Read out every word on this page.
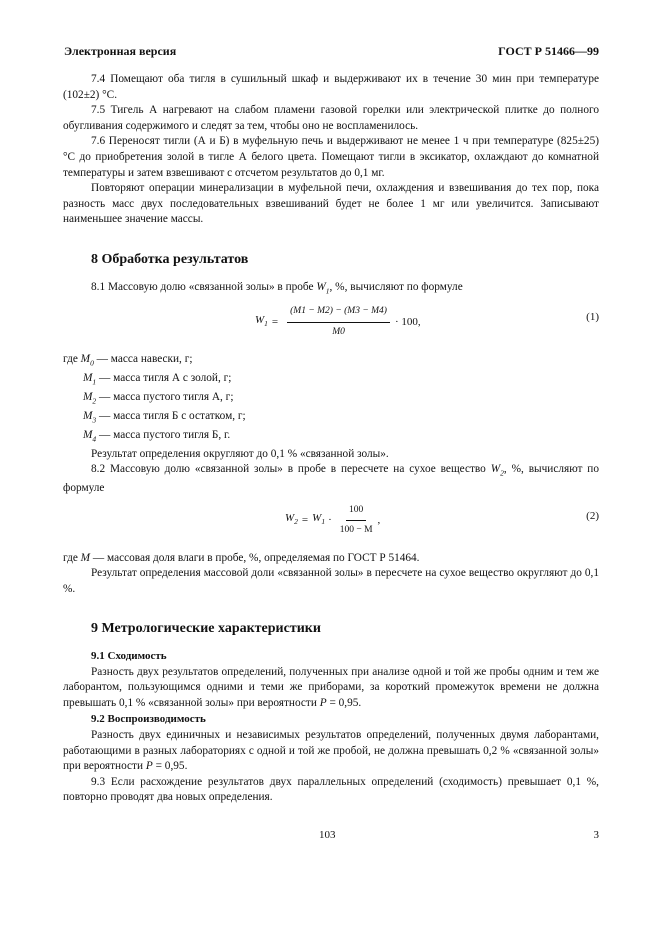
Электронная версия	ГОСТ Р 51466—99

7.4 Помещают оба тигля в сушильный шкаф и выдерживают их в течение 30 мин при температуре (102±2) °С.

7.5 Тигель А нагревают на слабом пламени газовой горелки или электрической плитке до полного обугливания содержимого и следят за тем, чтобы оно не воспламенилось.

7.6 Переносят тигли (А и Б) в муфельную печь и выдерживают не менее 1 ч при температуре (825±25) °С до приобретения золой в тигле А белого цвета. Помещают тигли в эксикатор, охлаждают до комнатной температуры и затем взвешивают с отсчетом результатов до 0,1 мг.

Повторяют операции минерализации в муфельной печи, охлаждения и взвешивания до тех пор, пока разность масс двух последовательных взвешиваний будет не более 1 мг или увеличится. Записывают наименьшее значение массы.

8 Обработка результатов

8.1 Массовую долю «связанной золы» в пробе $W_1$, %, вычисляют по формуле

$W_1 = \frac{(M1 - M2) - (M3 - M4)}{M0} \cdot 100$,	(1)

где $M_0$ — масса навески, г;

$M_1$ — масса тигля А с золой, г;

$M_2$ — масса пустого тигля А, г;

$M_3$ — масса тигля Б с остатком, г;

$M_4$ — масса пустого тигля Б, г.

Результат определения округляют до 0,1 % «связанной золы».

8.2 Массовую долю «связанной золы» в пробе в пересчете на сухое вещество $W_2$, %, вычисляют по формуле

$W_2 = W_1 \cdot \frac{100}{100 - M}$ ,	(2)

где M — массовая доля влаги в пробе, %, определяемая по ГОСТ Р 51464.

Результат определения массовой доли «связанной золы» в пересчете на сухое вещество округляют до 0,1 %.

9 Метрологические характеристики

9.1 Сходимость

Разность двух результатов определений, полученных при анализе одной и той же пробы одним и тем же лаборантом, пользующимся одними и теми же приборами, за короткий промежуток времени не должна превышать 0,1 % «связанной золы» при вероятности P = 0,95.

9.2 Воспроизводимость

Разность двух единичных и независимых результатов определений, полученных двумя лаборантами, работающими в разных лабораториях с одной и той же пробой, не должна превышать 0,2 % «связанной золы» при вероятности P = 0,95.

9.3 Если расхождение результатов двух параллельных определений (сходимость) превышает 0,1 %, повторно проводят два новых определения.

103	3
